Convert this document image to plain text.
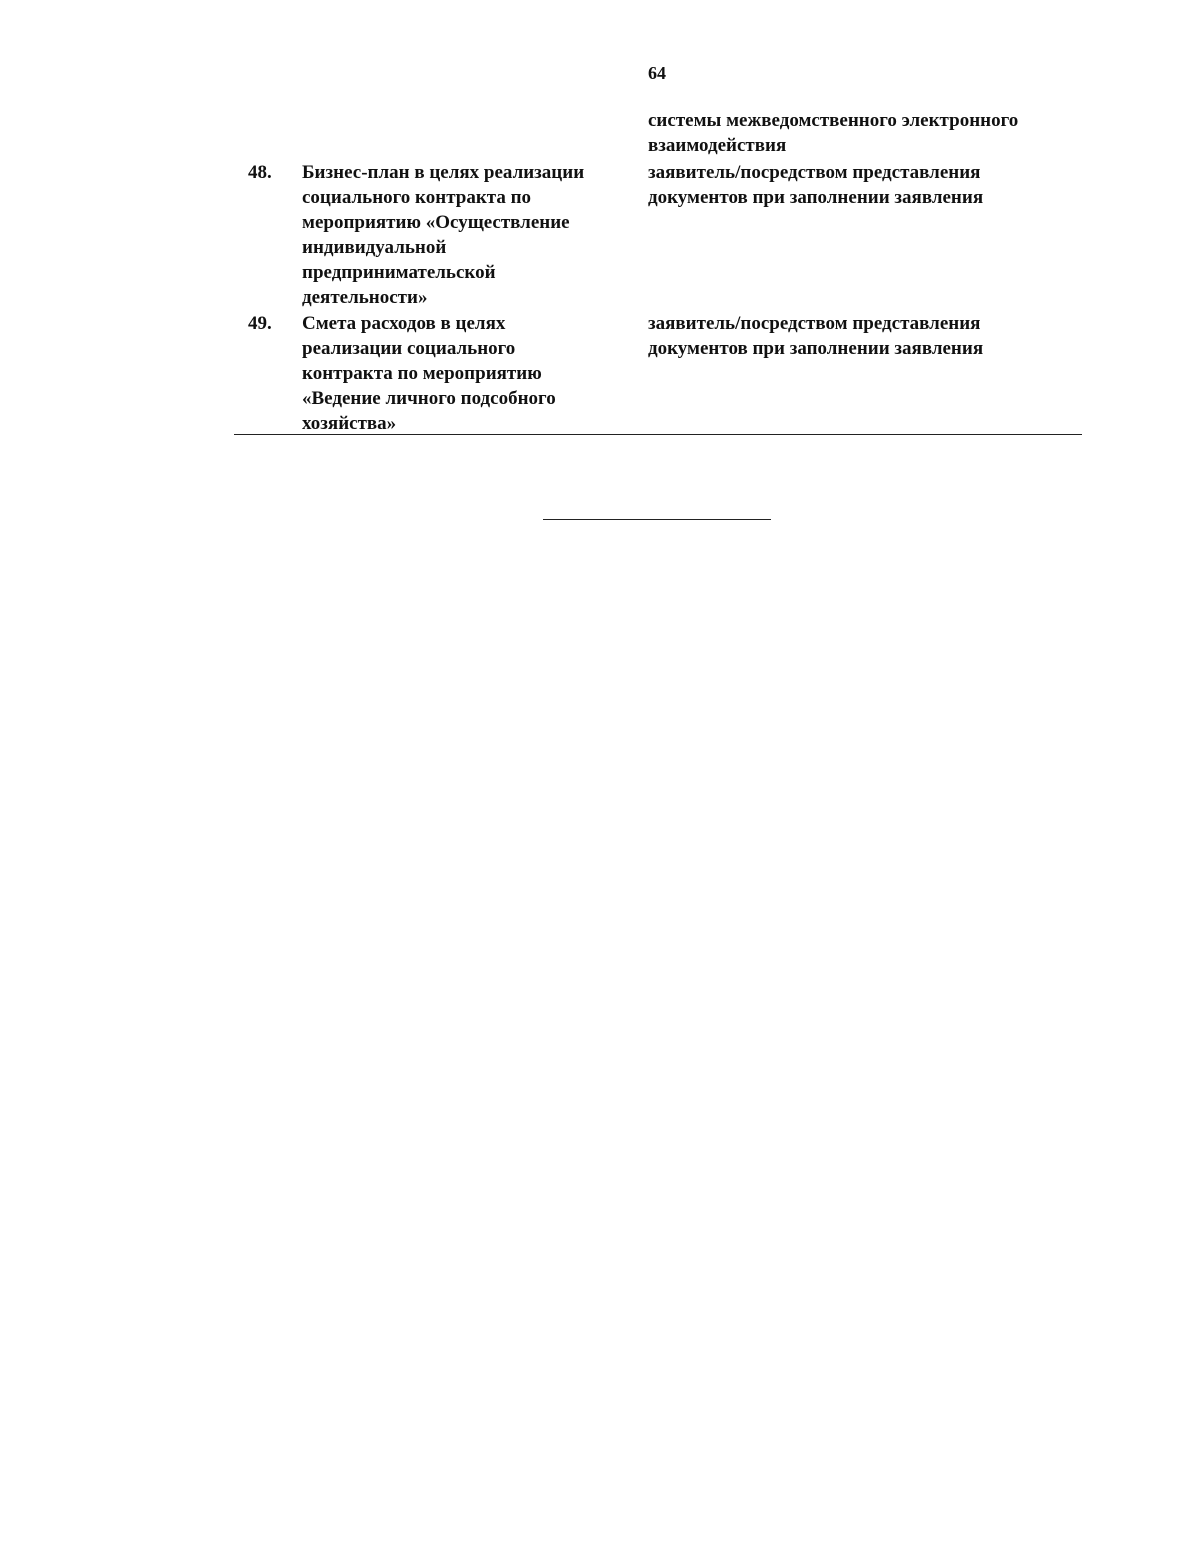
64
системы межведомственного электронного
взаимодействия
48. Бизнес-план в целях реализации
социального контракта по
мероприятию «Осуществление
индивидуальной
предпринимательской
деятельности»
заявитель/посредством представления
документов при заполнении заявления
49. Смета расходов в целях
реализации социального
контракта по мероприятию
«Ведение личного подсобного
хозяйства»
заявитель/посредством представления
документов при заполнении заявления
